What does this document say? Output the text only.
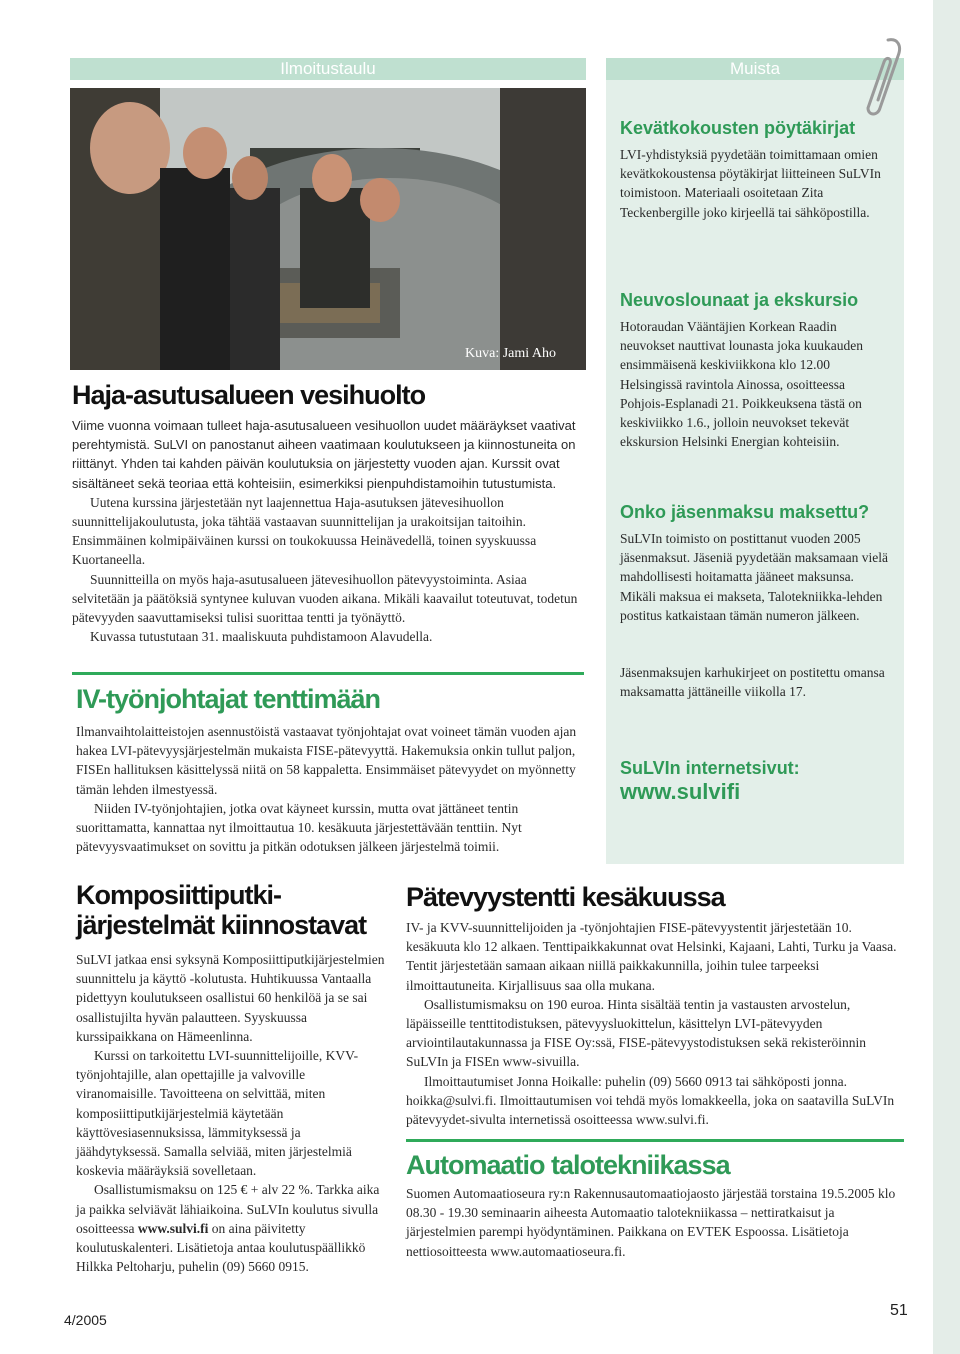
Ilmoitustaulu	Muista
Kevätkokousten pöytäkirjat

LVI-yhdistyksiä pyydetään toimittamaan omien kevätkokoustensa pöytäkirjat liitteineen SuLVIn toimistoon. Materiaali osoitetaan Zita Teckenbergille joko kirjeellä tai sähköpostilla.

Neuvoslounaat ja ekskursio

Hotoraudan Vääntäjien Korkean Raadin neuvokset nauttivat lounasta joka kuukauden ensimmäisenä keskiviikkona klo 12.00 Helsingissä ravintola Ainossa, osoitteessa Pohjois-Esplanadi 21. Poikkeuksena tästä on keskiviikko 1.6., jolloin neuvokset tekevät ekskursion Helsinki Energian kohteisiin.

Onko jäsenmaksu maksettu?

SuLVIn toimisto on postittanut vuoden 2005 jäsenmaksut. Jäseniä pyydetään maksamaan vielä mahdollisesti hoitamatta jääneet maksunsa. Mikäli maksua ei makseta, Talotekniikka-lehden postitus katkaistaan tämän numeron jälkeen.

Jäsenmaksujen karhukirjeet on postitettu omansa maksamatta jättäneille viikolla 17.

SuLVIn internetsivut:
www.sulvifi
Kuva: Jami Aho
Haja-asutusalueen vesihuolto

Viime vuonna voimaan tulleet haja-asutusalueen vesihuollon uudet määräykset vaativat perehtymistä. SuLVI on panostanut aiheen vaatimaan koulutukseen ja kiinnostuneita on riittänyt. Yhden tai kahden päivän koulutuksia on järjestetty vuoden ajan. Kurssit ovat sisältäneet sekä teoriaa että kohteisiin, esimerkiksi pienpuhdistamoihin tutustumista.

Uutena kurssina järjestetään nyt laajennettua Haja-asutuksen jätevesihuollon suunnittelijakoulutusta, joka tähtää vastaavan suunnittelijan ja urakoitsijan taitoihin. Ensimmäinen kolmipäiväinen kurssi on toukokuussa Heinävedellä, toinen syyskuussa Kuortaneella.

Suunnitteilla on myös haja-asutusalueen jätevesihuollon pätevyystoiminta. Asiaa selvitetään ja päätöksiä syntynee kuluvan vuoden aikana. Mikäli kaavailut toteutuvat, todetun pätevyyden saavuttamiseksi tulisi suorittaa tentti ja työnäyttö.

Kuvassa tutustutaan 31. maaliskuuta puhdistamoon Alavudella.

IV-työnjohtajat tenttimään

Ilmanvaihtolaitteistojen asennustöistä vastaavat työnjohtajat ovat voineet tämän vuoden ajan hakea LVI-pätevyysjärjestelmän mukaista FISE-pätevyyttä. Hakemuksia onkin tullut paljon, FISEn hallituksen käsittelyssä niitä on 58 kappaletta. Ensimmäiset pätevyydet on myönnetty tämän lehden ilmestyessä.

Niiden IV-työnjohtajien, jotka ovat käyneet kurssin, mutta ovat jättäneet tentin suorittamatta, kannattaa nyt ilmoittautua 10. kesäkuuta järjestettävään tenttiin. Nyt pätevyysvaatimukset on sovittu ja pitkän odotuksen jälkeen järjestelmä toimii.

Komposiittiputki-
järjestelmät kiinnostavat

SuLVI jatkaa ensi syksynä Komposiittiputkijärjestelmien suunnittelu ja käyttö -kolutusta. Huhtikuussa Vantaalla pidettyyn koulutukseen osallistui 60 henkilöä ja se sai osallistujilta hyvän palautteen. Syyskuussa kurssipaikkana on Hämeenlinna.

Kurssi on tarkoitettu LVI-suunnittelijoille, KVV-työnjohtajille, alan opettajille ja valvoville viranomaisille. Tavoitteena on selvittää, miten komposiittiputkijärjestelmiä käytetään käyttövesiasennuksissa, lämmityksessä ja jäähdytyksessä. Samalla selviää, miten järjestelmiä koskevia määräyksiä sovelletaan.

Osallistumismaksu on 125 € + alv 22 %. Tarkka aika ja paikka selviävät lähiaikoina. SuLVIn koulutus sivulla osoitteessa www.sulvi.fi on aina päivitetty koulutuskalenteri. Lisätietoja antaa koulutuspäällikkö Hilkka Peltoharju, puhelin (09) 5660 0915.

Pätevyystentti kesäkuussa

IV- ja KVV-suunnittelijoiden ja -työnjohtajien FISE-pätevyystentit järjestetään 10. kesäkuuta klo 12 alkaen. Tenttipaikkakunnat ovat Helsinki, Kajaani, Lahti, Turku ja Vaasa. Tentit järjestetään samaan aikaan niillä paikkakunnilla, joihin tulee tarpeeksi ilmoittautuneita. Kirjallisuus saa olla mukana.

Osallistumismaksu on 190 euroa. Hinta sisältää tentin ja vastausten arvostelun, läpäisseille tenttitodistuksen, pätevyysluokittelun, käsittelyn LVI-pätevyyden arviointilautakunnassa ja FISE Oy:ssä, FISE-pätevyystodistuksen sekä rekisteröinnin SuLVIn ja FISEn www-sivuilla.

Ilmoittautumiset Jonna Hoikalle: puhelin (09) 5660 0913 tai sähköposti jonna. hoikka@sulvi.fi. Ilmoittautumisen voi tehdä myös lomakkeella, joka on saatavilla SuLVIn pätevyydet-sivulta internetissä osoitteessa www.sulvi.fi.

Automaatio talotekniikassa

Suomen Automaatioseura ry:n Rakennusautomaatiojaosto järjestää torstaina 19.5.2005 klo 08.30 - 19.30 seminaarin aiheesta Automaatio talotekniikassa – nettiratkaisut ja järjestelmien parempi hyödyntäminen. Paikkana on EVTEK Espoossa. Lisätietoja nettiosoitteesta www.automaatioseura.fi.

4/2005
51
